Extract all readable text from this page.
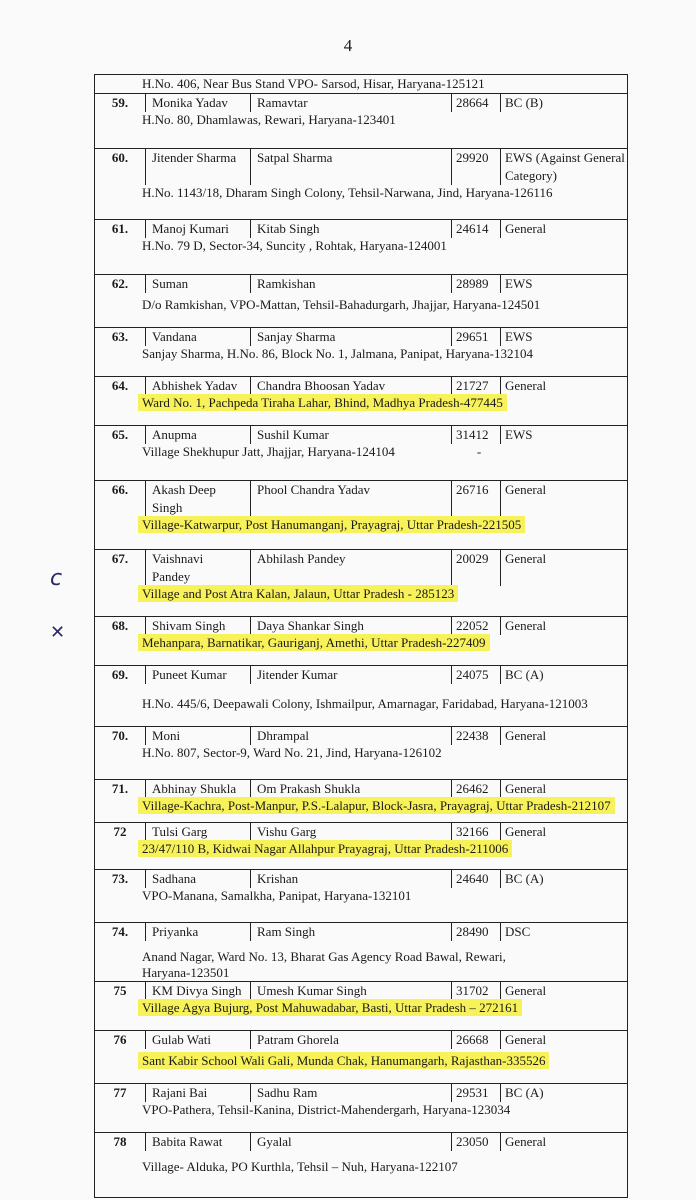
4
c
✕
H.No. 406, Near Bus Stand VPO- Sarsod, Hisar, Haryana-125121
59.	Monika Yadav	Ramavtar	28664	BC (B)
H.No. 80, Dhamlawas, Rewari, Haryana-123401
60.	Jitender Sharma	Satpal Sharma	29920	EWS (Against General
Category)
H.No. 1143/18, Dharam Singh Colony, Tehsil-Narwana, Jind, Haryana-126116
61.	Manoj Kumari	Kitab Singh	24614	General
H.No. 79 D, Sector-34, Suncity , Rohtak, Haryana-124001
62.	Suman	Ramkishan	28989	EWS
D/o Ramkishan, VPO-Mattan, Tehsil-Bahadurgarh, Jhajjar, Haryana-124501
63.	Vandana	Sanjay Sharma	29651	EWS
Sanjay Sharma, H.No. 86, Block No. 1, Jalmana, Panipat, Haryana-132104
64.	Abhishek Yadav	Chandra Bhoosan Yadav	21727	General
Ward No. 1, Pachpeda Tiraha Lahar, Bhind, Madhya Pradesh-477445
65.	Anupma	Sushil Kumar	31412	EWS
Village Shekhupur Jatt, Jhajjar, Haryana-124104	-
66.	Akash Deep	Phool Chandra Yadav	26716	General
Singh
Village-Katwarpur, Post Hanumanganj, Prayagraj, Uttar Pradesh-221505
67.	Vaishnavi	Abhilash Pandey	20029	General
Pandey
Village and Post Atra Kalan, Jalaun, Uttar Pradesh - 285123
68.	Shivam Singh	Daya Shankar Singh	22052	General
Mehanpara, Barnatikar, Gauriganj, Amethi, Uttar Pradesh-227409
69.	Puneet Kumar	Jitender Kumar	24075	BC (A)
H.No. 445/6, Deepawali Colony, Ishmailpur, Amarnagar, Faridabad, Haryana-121003
70.	Moni	Dhrampal	22438	General
H.No. 807, Sector-9, Ward No. 21, Jind, Haryana-126102
71.	Abhinay Shukla	Om Prakash Shukla	26462	General
Village-Kachra, Post-Manpur, P.S.-Lalapur, Block-Jasra, Prayagraj, Uttar Pradesh-212107
72	Tulsi Garg	Vishu Garg	32166	General
23/47/110 B, Kidwai Nagar Allahpur Prayagraj, Uttar Pradesh-211006
73.	Sadhana	Krishan	24640	BC (A)
VPO-Manana, Samalkha, Panipat, Haryana-132101
74.	Priyanka	Ram Singh	28490	DSC
Anand Nagar, Ward No. 13, Bharat Gas Agency Road Bawal, Rewari,
Haryana-123501
75	KM Divya Singh	Umesh Kumar Singh	31702	General
Village Agya Bujurg, Post Mahuwadabar, Basti, Uttar Pradesh – 272161
76	Gulab Wati	Patram Ghorela	26668	General
Sant Kabir School Wali Gali, Munda Chak, Hanumangarh, Rajasthan-335526
77	Rajani Bai	Sadhu Ram	29531	BC (A)
VPO-Pathera, Tehsil-Kanina, District-Mahendergarh, Haryana-123034
78	Babita Rawat	Gyalal	23050	General
Village- Alduka, PO Kurthla, Tehsil – Nuh, Haryana-122107
